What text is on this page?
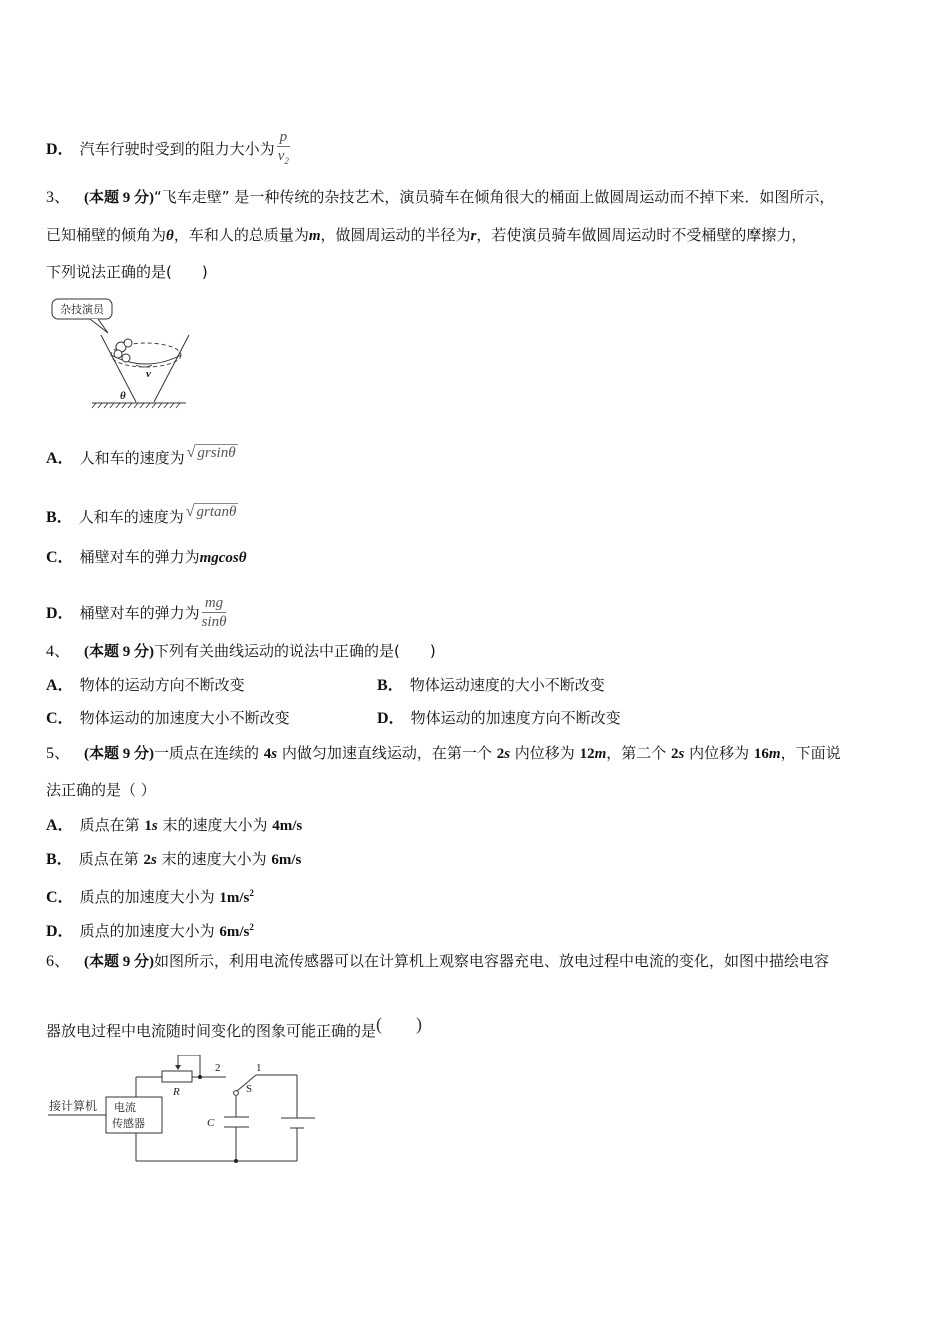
D． 汽车行驶时受到的阻力大小为 $\frac{p}{v_2}$
3、 (本题 9 分)“飞车走壁” 是一种传统的杂技艺术，演员骑车在倾角很大的桶面上做圆周运动而不掉下来．如图所示，
已知桶壁的倾角为θ，车和人的总质量为m，做圆周运动的半径为r，若使演员骑车做圆周运动时不受桶壁的摩擦力，
下列说法正确的是(　　)
杂技演员
v
θ
A． 人和车的速度为 √ grsinθ
B． 人和车的速度为 √ grtanθ
C． 桶壁对车的弹力为mgcosθ
D． 桶壁对车的弹力为 $\frac{mg}{\sin\theta}$
4、 (本题 9 分)下列有关曲线运动的说法中正确的是(　　)
A． 物体的运动方向不断改变	B． 物体运动速度的大小不断改变
C． 物体运动的加速度大小不断改变	D． 物体运动的加速度方向不断改变
5、 (本题 9 分)一质点在连续的 4s 内做匀加速直线运动，在第一个 2s 内位移为 12m，第二个 2s 内位移为 16m，下面说
法正确的是（ ）
A． 质点在第 1s 末的速度大小为 4m/s
B． 质点在第 2s 末的速度大小为 6m/s
C． 质点的加速度大小为 $1m/s^2$
D． 质点的加速度大小为 $6m/s^2$
6、 (本题 9 分)如图所示，利用电流传感器可以在计算机上观察电容器充电、放电过程中电流的变化，如图中描绘电容
器放电过程中电流随时间变化的图象可能正确的是()
接计算机 电流
传感器
R
C
S
1
2
